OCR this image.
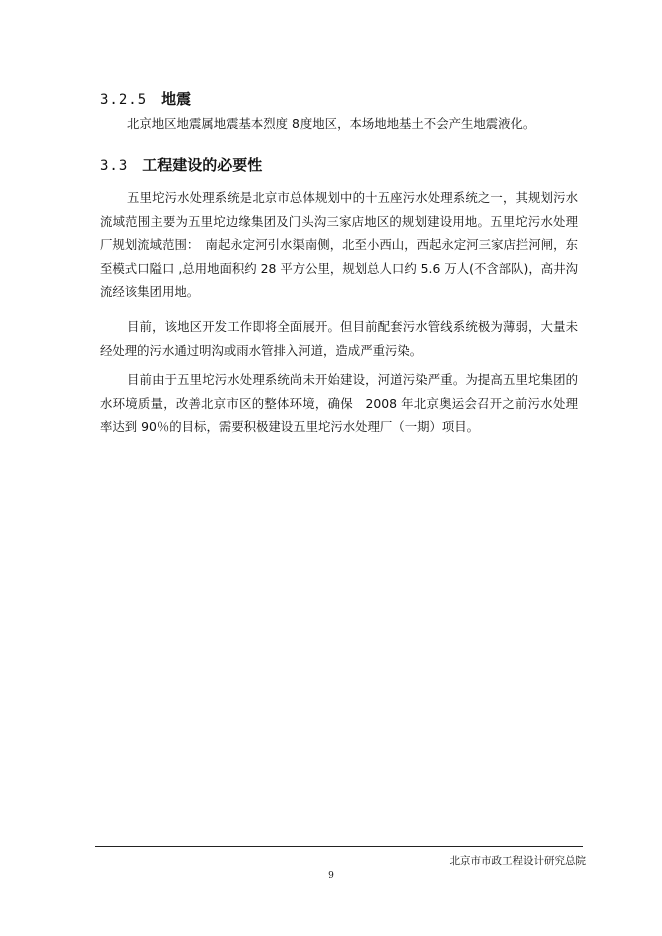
3.2.5 地震

北京地区地震属地震基本烈度 8度地区，本场地地基土不会产生地震液化。

3.3 工程建设的必要性

五里坨污水处理系统是北京市总体规划中的十五座污水处理系统之一，其规划污水流域范围主要为五里坨边缘集团及门头沟三家店地区的规划建设用地。五里坨污水处理厂规划流域范围：　南起永定河引水渠南侧，北至小西山，西起永定河三家店拦河闸，东至模式口隘口 ,总用地面积约 28 平方公里，规划总人口约 5.6 万人(不含部队)，高井沟流经该集团用地。

目前，该地区开发工作即将全面展开。但目前配套污水管线系统极为薄弱，大量未经处理的污水通过明沟或雨水管排入河道，造成严重污染。

目前由于五里坨污水处理系统尚未开始建设，河道污染严重。为提高五里坨集团的水环境质量，改善北京市区的整体环境，确保　2008 年北京奥运会召开之前污水处理率达到 90％的目标，需要积极建设五里坨污水处理厂（一期）项目。

北京市市政工程设计研究总院
9
